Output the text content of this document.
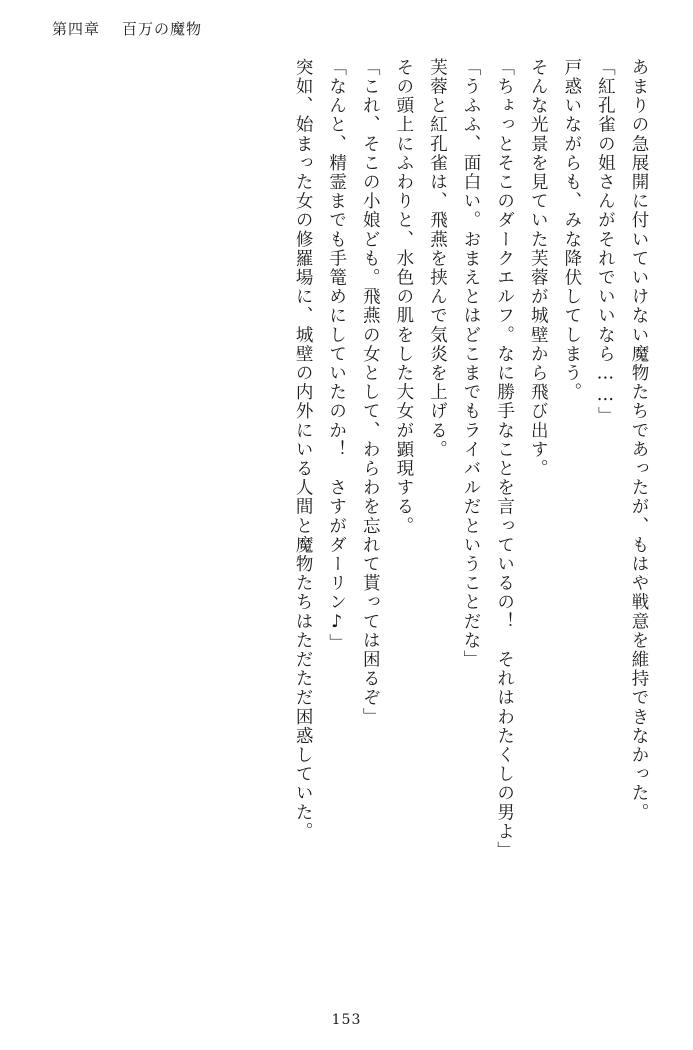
第四章 百万の魔物

あまりの急展開に付いていけない魔物たちであったが、もはや戦意を維持できなかった。

「紅孔雀の姐さんがそれでいいなら……」

戸惑いながらも、みな降伏してしまう。

そんな光景を見ていた芙蓉が城壁から飛び出す。

「ちょっとそこのダークエルフ。なに勝手なことを言っているの！　それはわたくしの男よ」

「うふふ、面白い。おまえとはどこまでもライバルだということだな」

芙蓉と紅孔雀は、飛燕を挟んで気炎を上げる。

その頭上にふわりと、水色の肌をした大女が顕現する。

「これ、そこの小娘ども。飛燕の女として、わらわを忘れて貰っては困るぞ」

「なんと、精霊までも手篭めにしていたのか！　さすがダーリン♪」

突如、始まった女の修羅場に、城壁の内外にいる人間と魔物たちはただただ困惑していた。

153
